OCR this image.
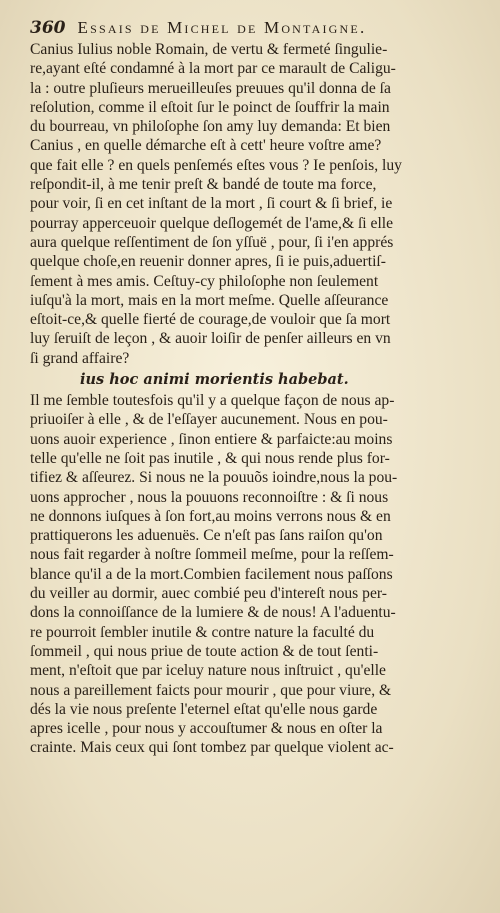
360 Essais de Michel de Montaigne.
Canius Iulius noble Romain, de vertu & fermeté ſingulie-
re,ayant eſté condamné à la mort par ce marault de Caligu-
la : outre pluſieurs merueilleuſes preuues qu'il donna de ſa
reſolution, comme il eſtoit ſur le poinct de ſouffrir la main
du bourreau, vn philoſophe ſon amy luy demanda: Et bien
Canius , en quelle démarche eſt à cett' heure voſtre ame?
que fait elle ? en quels penſemés eſtes vous ? Ie penſois, luy
reſpondit-il, à me tenir preſt & bandé de toute ma force,
pour voir, ſi en cet inſtant de la mort , ſi court & ſi brief, ie
pourray apperceuoir quelque deſlogemét de l'ame,& ſi elle
aura quelque reſſentiment de ſon yſſuë , pour, ſi i'en apprés
quelque choſe,en reuenir donner apres, ſi ie puis,aduertiſ-
ſement à mes amis. Ceſtuy-cy philoſophe non ſeulement
iuſqu'à la mort, mais en la mort meſme. Quelle aſſeurance
eſtoit-ce,& quelle fierté de courage,de vouloir que ſa mort
luy ſeruiſt de leçon , & auoir loiſir de penſer ailleurs en vn
ſi grand affaire?
ius hoc animi morientis habebat.
Il me ſemble toutesfois qu'il y a quelque façon de nous ap-
priuoiſer à elle , & de l'eſſayer aucunement. Nous en pou-
uons auoir experience , ſinon entiere & parfaicte:au moins
telle qu'elle ne ſoit pas inutile , & qui nous rende plus for-
tifiez & aſſeurez. Si nous ne la pouuõs ioindre,nous la pou-
uons approcher , nous la pouuons reconnoiſtre : & ſi nous
ne donnons iuſques à ſon fort,au moins verrons nous & en
prattiquerons les aduenuës. Ce n'eſt pas ſans raiſon qu'on
nous fait regarder à noſtre ſommeil meſme, pour la reſſem-
blance qu'il a de la mort.Combien facilement nous paſſons
du veiller au dormir, auec combié peu d'intereſt nous per-
dons la connoiſſance de la lumiere & de nous! A l'aduentu-
re pourroit ſembler inutile & contre nature la faculté du
ſommeil , qui nous priue de toute action & de tout ſenti-
ment, n'eſtoit que par iceluy nature nous inſtruict , qu'elle
nous a pareillement faicts pour mourir , que pour viure, &
dés la vie nous preſente l'eternel eſtat qu'elle nous garde
apres icelle , pour nous y accouſtumer & nous en oſter la
crainte. Mais ceux qui ſont tombez par quelque violent ac-
